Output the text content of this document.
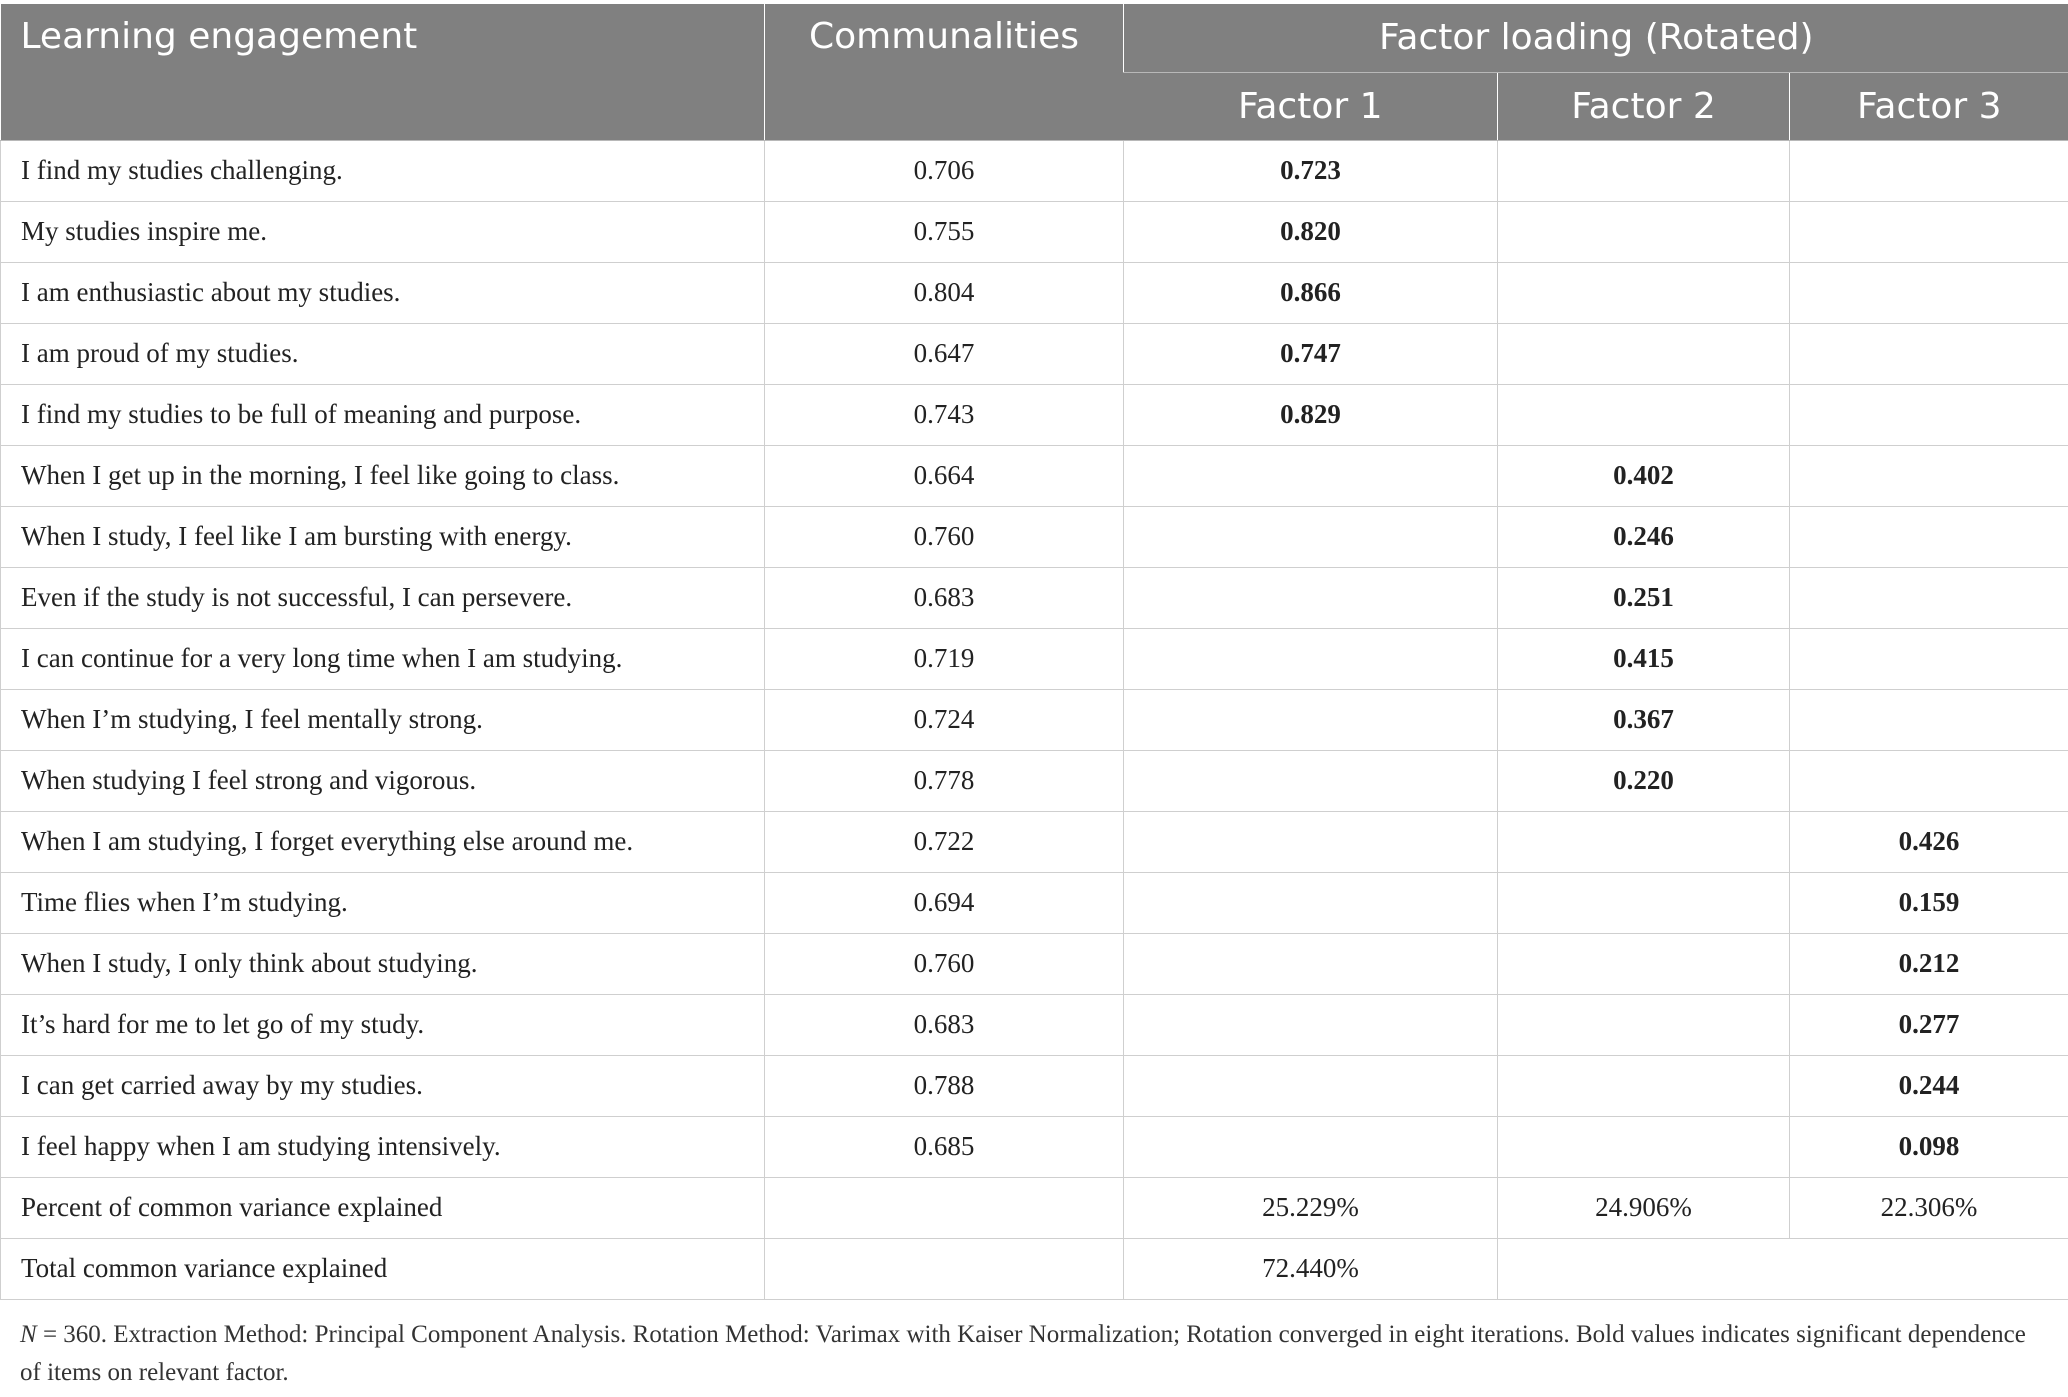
Learning engagement	Communalities	Factor loading (Rotated)		
		Factor 1	Factor 2	Factor 3
I find my studies challenging.	0.706	0.723		
My studies inspire me.	0.755	0.820		
I am enthusiastic about my studies.	0.804	0.866		
I am proud of my studies.	0.647	0.747		
I find my studies to be full of meaning and purpose.	0.743	0.829		
When I get up in the morning, I feel like going to class.	0.664		0.402	
When I study, I feel like I am bursting with energy.	0.760		0.246	
Even if the study is not successful, I can persevere.	0.683		0.251	
I can continue for a very long time when I am studying.	0.719		0.415	
When I’m studying, I feel mentally strong.	0.724		0.367	
When studying I feel strong and vigorous.	0.778		0.220	
When I am studying, I forget everything else around me.	0.722			0.426
Time flies when I’m studying.	0.694			0.159
When I study, I only think about studying.	0.760			0.212
It’s hard for me to let go of my study.	0.683			0.277
I can get carried away by my studies.	0.788			0.244
I feel happy when I am studying intensively.	0.685			0.098
Percent of common variance explained		25.229%	24.906%	22.306%
Total common variance explained		72.440%		
N = 360. Extraction Method: Principal Component Analysis. Rotation Method: Varimax with Kaiser Normalization; Rotation converged in eight iterations. Bold values indicates significant dependence of items on relevant factor.
